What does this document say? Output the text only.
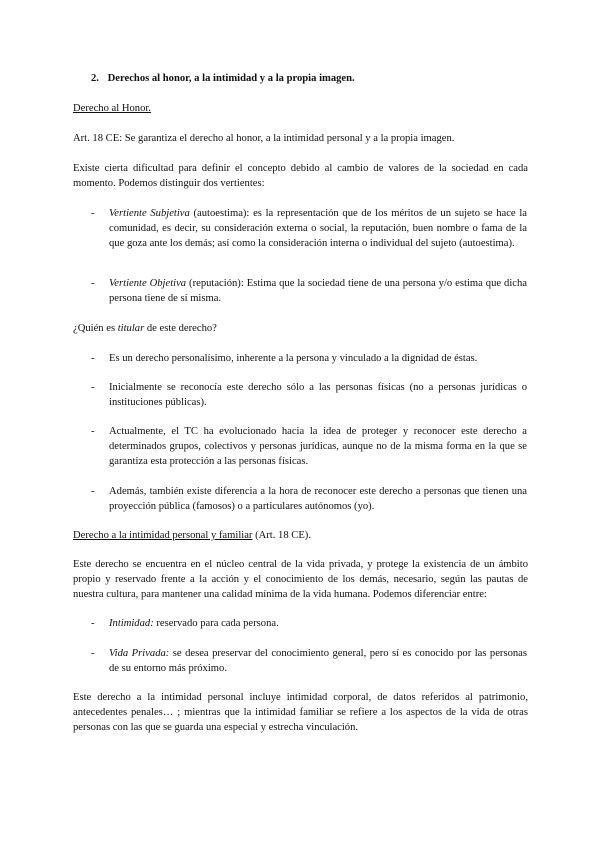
2. Derechos al honor, a la intimidad y a la propia imagen.

Derecho al Honor.

Art. 18 CE: Se garantiza el derecho al honor, a la intimidad personal y a la propia imagen.

Existe cierta dificultad para definir el concepto debido al cambio de valores de la sociedad en cada momento. Podemos distinguir dos vertientes:

-	Vertiente Subjetiva (autoestima): es la representación que de los méritos de un sujeto se hace la comunidad, es decir, su consideración externa o social, la reputación, buen nombre o fama de la que goza ante los demás; así como la consideración interna o individual del sujeto (autoestima).

-	Vertiente Objetiva (reputación): Estima que la sociedad tiene de una persona y/o estima que dicha persona tiene de sí misma.

¿Quién es titular de este derecho?

-	Es un derecho personalísimo, inherente a la persona y vinculado a la dignidad de éstas.

-	Inicialmente se reconocía este derecho sólo a las personas físicas (no a personas jurídicas o instituciones públicas).

-	Actualmente, el TC ha evolucionado hacia la idea de proteger y reconocer este derecho a determinados grupos, colectivos y personas jurídicas, aunque no de la misma forma en la que se garantiza esta protección a las personas físicas.

-	Además, también existe diferencia a la hora de reconocer este derecho a personas que tienen una proyección pública (famosos) o a particulares autónomos (yo).

Derecho a la intimidad personal y familiar (Art. 18 CE).

Este derecho se encuentra en el núcleo central de la vida privada, y protege la existencia de un ámbito propio y reservado frente a la acción y el conocimiento de los demás, necesario, según las pautas de nuestra cultura, para mantener una calidad mínima de la vida humana. Podemos diferenciar entre:

-	Intimidad: reservado para cada persona.

-	Vida Privada: se desea preservar del conocimiento general, pero sí es conocido por las personas de su entorno más próximo.

Este derecho a la intimidad personal incluye intimidad corporal, de datos referidos al patrimonio, antecedentes penales… ; mientras que la intimidad familiar se refiere a los aspectos de la vida de otras personas con las que se guarda una especial y estrecha vinculación.
